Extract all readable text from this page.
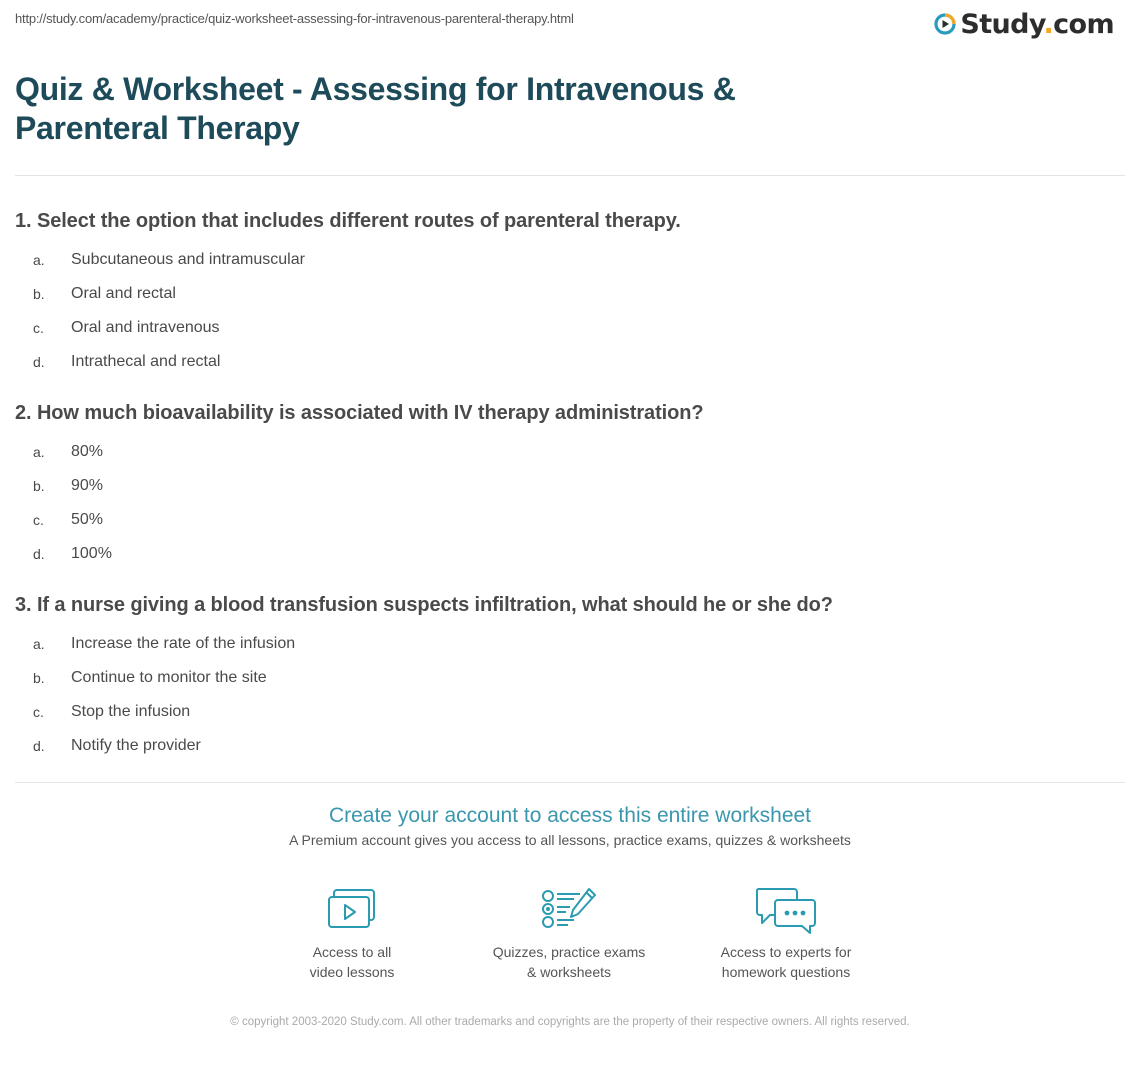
http://study.com/academy/practice/quiz-worksheet-assessing-for-intravenous-parenteral-therapy.html	Study.com
Quiz & Worksheet - Assessing for Intravenous & Parenteral Therapy
1. Select the option that includes different routes of parenteral therapy.
a.	Subcutaneous and intramuscular
b.	Oral and rectal
c.	Oral and intravenous
d.	Intrathecal and rectal
2. How much bioavailability is associated with IV therapy administration?
a.	80%
b.	90%
c.	50%
d.	100%
3. If a nurse giving a blood transfusion suspects infiltration, what should he or she do?
a.	Increase the rate of the infusion
b.	Continue to monitor the site
c.	Stop the infusion
d.	Notify the provider
Create your account to access this entire worksheet
A Premium account gives you access to all lessons, practice exams, quizzes & worksheets
Access to all
video lessons
Quizzes, practice exams
& worksheets
Access to experts for
homework questions
© copyright 2003-2020 Study.com. All other trademarks and copyrights are the property of their respective owners. All rights reserved.
